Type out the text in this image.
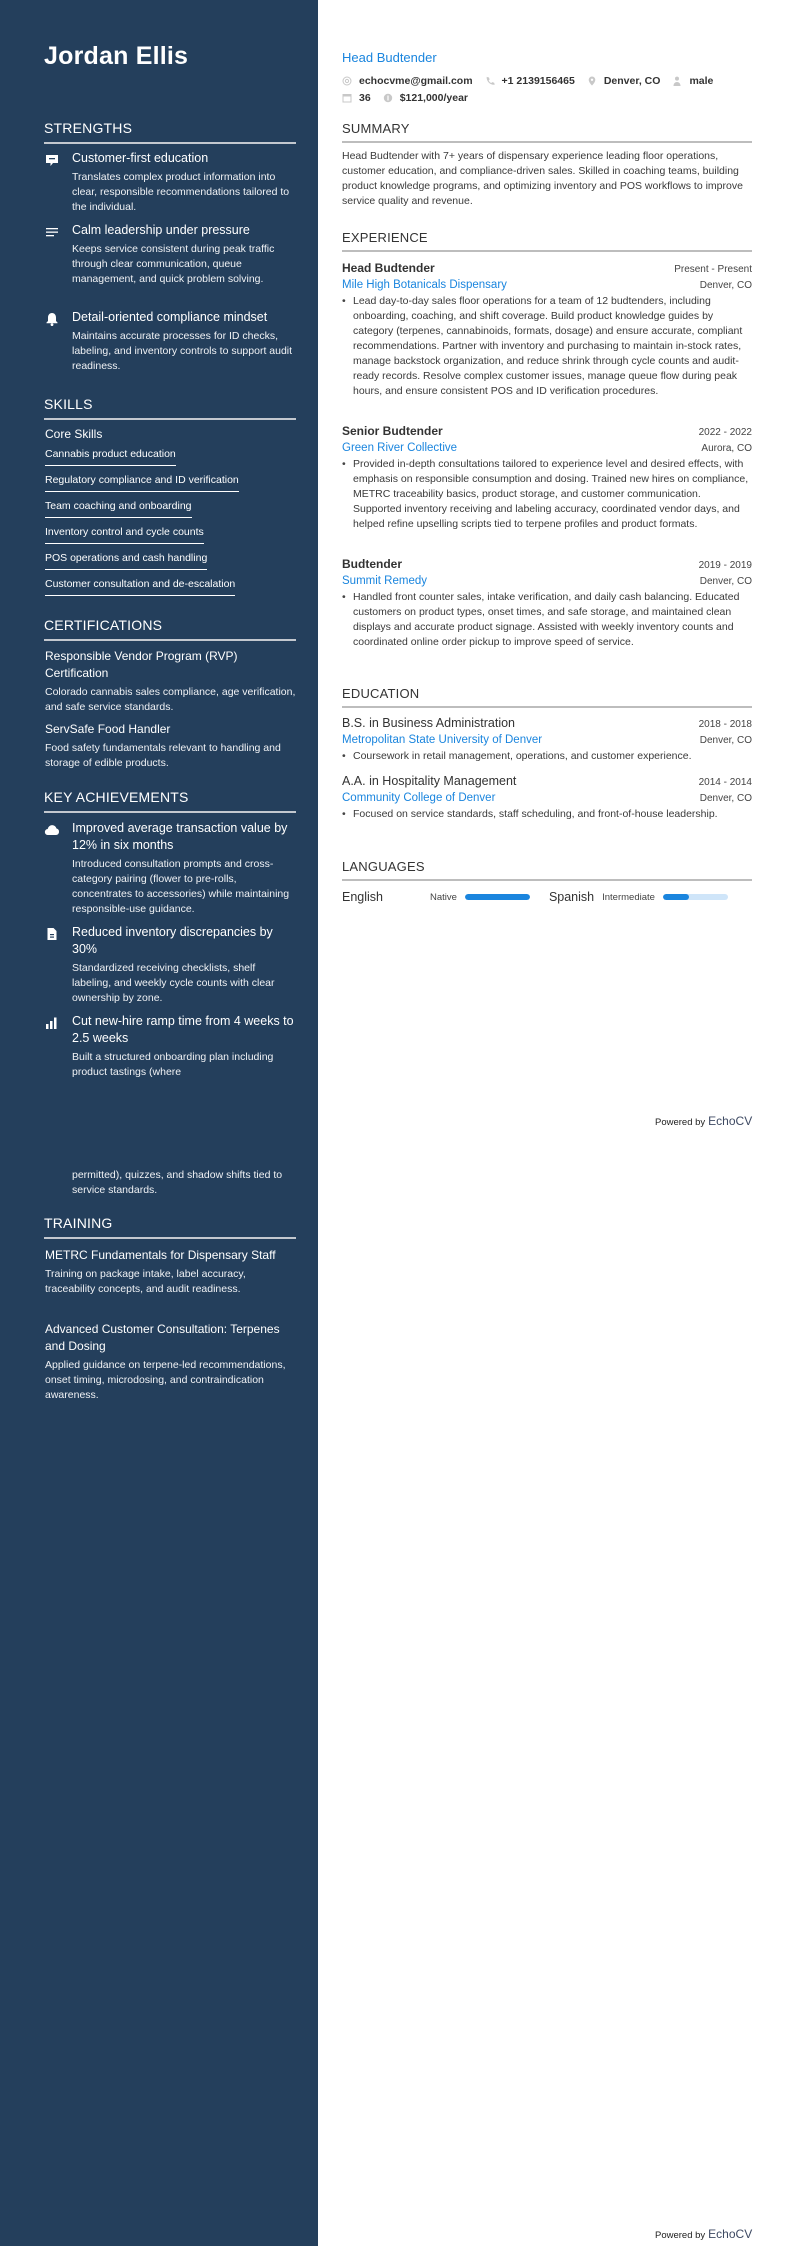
Jordan Ellis
STRENGTHS
Customer-first education
Translates complex product information into clear, responsible recommendations tailored to the individual.
Calm leadership under pressure
Keeps service consistent during peak traffic through clear communication, queue management, and quick problem solving.
Detail-oriented compliance mindset
Maintains accurate processes for ID checks, labeling, and inventory controls to support audit readiness.
SKILLS
Core Skills
Cannabis product education
Regulatory compliance and ID verification
Team coaching and onboarding
Inventory control and cycle counts
POS operations and cash handling
Customer consultation and de-escalation
CERTIFICATIONS
Responsible Vendor Program (RVP) Certification
Colorado cannabis sales compliance, age verification, and safe service standards.
ServSafe Food Handler
Food safety fundamentals relevant to handling and storage of edible products.
KEY ACHIEVEMENTS
Improved average transaction value by 12% in six months
Introduced consultation prompts and cross-category pairing (flower to pre-rolls, concentrates to accessories) while maintaining responsible-use guidance.
Reduced inventory discrepancies by 30%
Standardized receiving checklists, shelf labeling, and weekly cycle counts with clear ownership by zone.
Cut new-hire ramp time from 4 weeks to 2.5 weeks
Built a structured onboarding plan including product tastings (where
permitted), quizzes, and shadow shifts tied to service standards.
TRAINING
METRC Fundamentals for Dispensary Staff
Training on package intake, label accuracy, traceability concepts, and audit readiness.
Advanced Customer Consultation: Terpenes and Dosing
Applied guidance on terpene-led recommendations, onset timing, microdosing, and contraindication awareness.
Head Budtender
echocvme@gmail.com	+1 2139156465	Denver, CO	male
36	$121,000/year
SUMMARY
Head Budtender with 7+ years of dispensary experience leading floor operations, customer education, and compliance-driven sales. Skilled in coaching teams, building product knowledge programs, and optimizing inventory and POS workflows to improve service quality and revenue.
EXPERIENCE
Head Budtender	Present - Present
Mile High Botanicals Dispensary	Denver, CO
• Lead day-to-day sales floor operations for a team of 12 budtenders, including onboarding, coaching, and shift coverage. Build product knowledge guides by category (terpenes, cannabinoids, formats, dosage) and ensure accurate, compliant recommendations. Partner with inventory and purchasing to maintain in-stock rates, manage backstock organization, and reduce shrink through cycle counts and audit-ready records. Resolve complex customer issues, manage queue flow during peak hours, and ensure consistent POS and ID verification procedures.
Senior Budtender	2022 - 2022
Green River Collective	Aurora, CO
• Provided in-depth consultations tailored to experience level and desired effects, with emphasis on responsible consumption and dosing. Trained new hires on compliance, METRC traceability basics, product storage, and customer communication. Supported inventory receiving and labeling accuracy, coordinated vendor days, and helped refine upselling scripts tied to terpene profiles and product formats.
Budtender	2019 - 2019
Summit Remedy	Denver, CO
• Handled front counter sales, intake verification, and daily cash balancing. Educated customers on product types, onset times, and safe storage, and maintained clean displays and accurate product signage. Assisted with weekly inventory counts and coordinated online order pickup to improve speed of service.
EDUCATION
B.S. in Business Administration	2018 - 2018
Metropolitan State University of Denver	Denver, CO
• Coursework in retail management, operations, and customer experience.
A.A. in Hospitality Management	2014 - 2014
Community College of Denver	Denver, CO
• Focused on service standards, staff scheduling, and front-of-house leadership.
LANGUAGES
English	Native	Spanish Intermediate
Powered by EchoCV
Powered by EchoCV
